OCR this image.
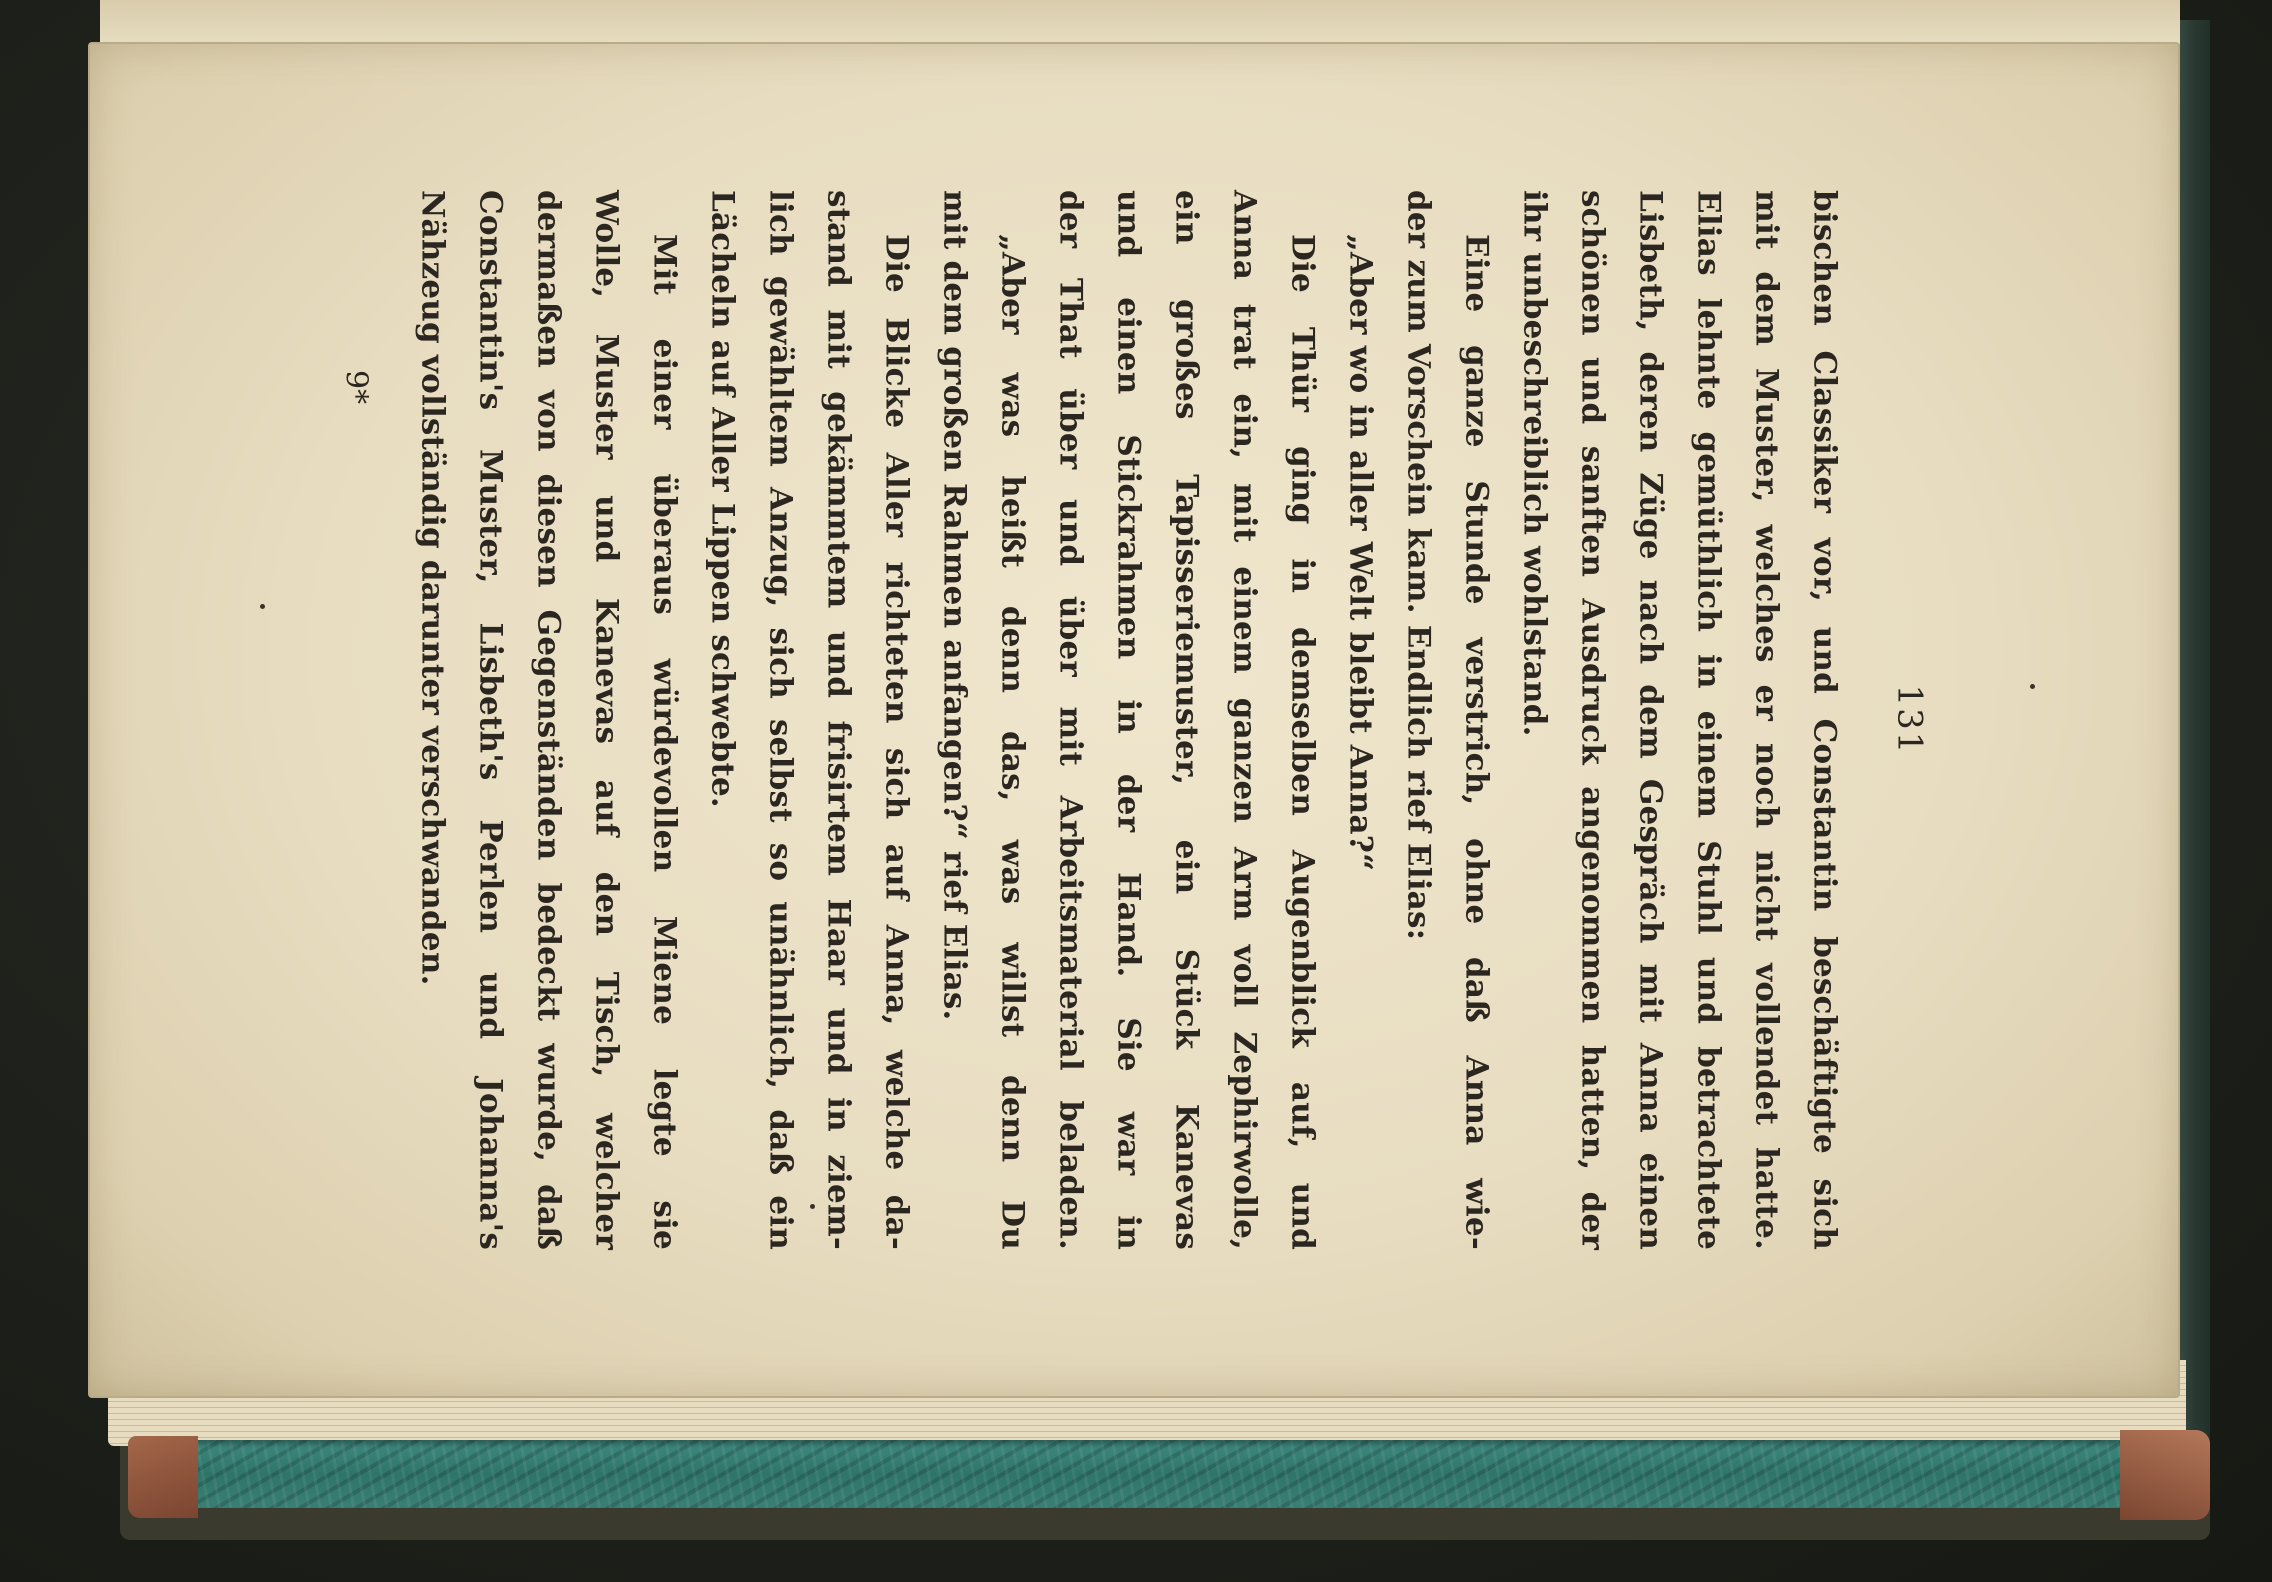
131
bischen Classiker vor, und Constantin beschäftigte sich
mit dem Muster, welches er noch nicht vollendet hatte.
Elias lehnte gemüthlich in einem Stuhl und betrachtete
Lisbeth, deren Züge nach dem Gespräch mit Anna einen
schönen und sanften Ausdruck angenommen hatten, der
ihr unbeschreiblich wohlstand.
Eine ganze Stunde verstrich, ohne daß Anna wie-
der zum Vorschein kam. Endlich rief Elias:
„Aber wo in aller Welt bleibt Anna?“
Die Thür ging in demselben Augenblick auf, und
Anna trat ein, mit einem ganzen Arm voll Zephirwolle,
ein großes Tapisseriemuster, ein Stück Kanevas
und einen Stickrahmen in der Hand. Sie war in
der That über und über mit Arbeitsmaterial beladen.
„Aber was heißt denn das, was willst denn Du
mit dem großen Rahmen anfangen?“ rief Elias.
Die Blicke Aller richteten sich auf Anna, welche da-
stand mit gekämmtem und frisirtem Haar und in ziem-
lich gewähltem Anzug, sich selbst so unähnlich, daß ein
Lächeln auf Aller Lippen schwebte.
Mit einer überaus würdevollen Miene legte sie
Wolle, Muster und Kanevas auf den Tisch, welcher
dermaßen von diesen Gegenständen bedeckt wurde, daß
Constantin's Muster, Lisbeth's Perlen und Johanna's
Nähzeug vollständig darunter verschwanden.
9*
